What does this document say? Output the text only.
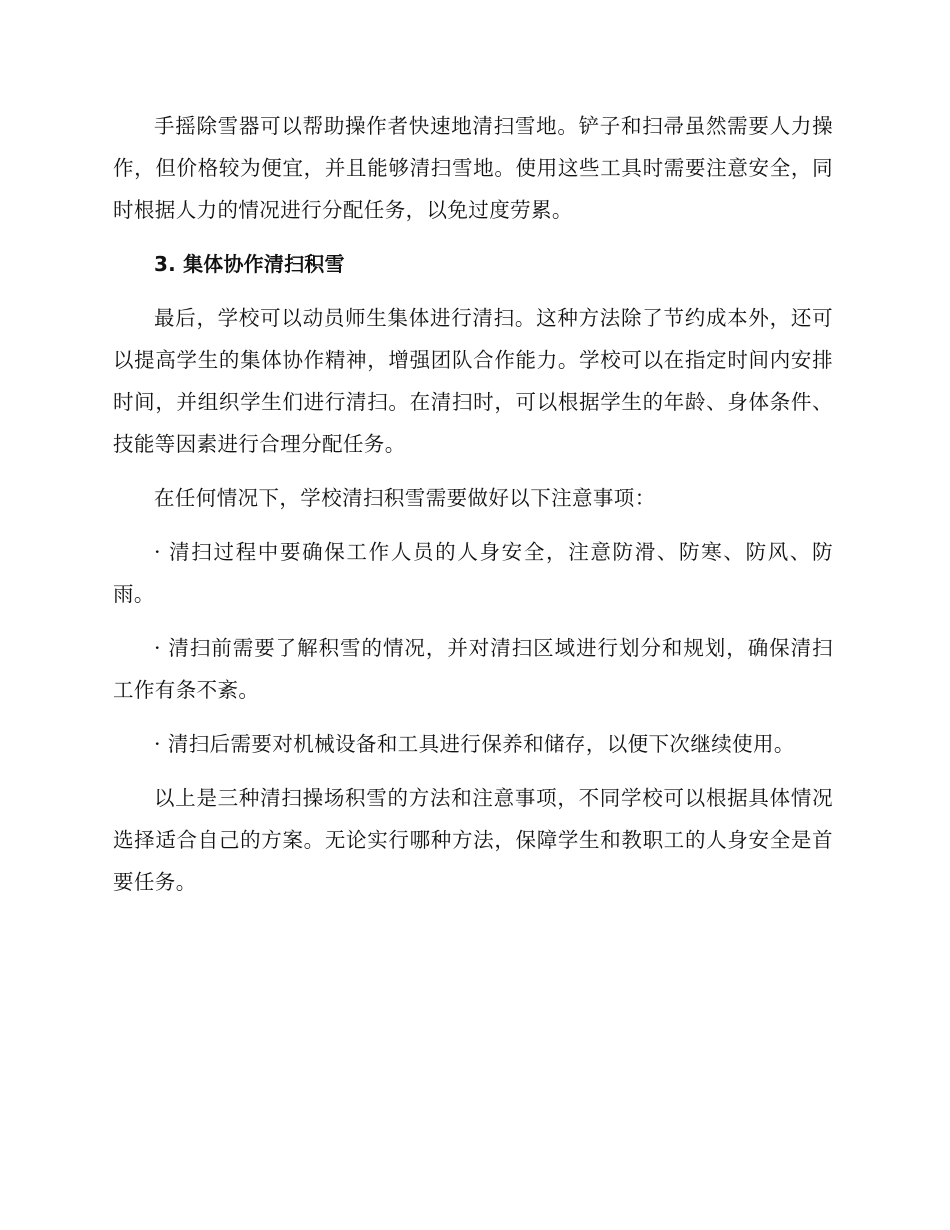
手摇除雪器可以帮助操作者快速地清扫雪地。铲子和扫帚虽然需要人力操作，但价格较为便宜，并且能够清扫雪地。使用这些工具时需要注意安全，同时根据人力的情况进行分配任务，以免过度劳累。

3. 集体协作清扫积雪

最后，学校可以动员师生集体进行清扫。这种方法除了节约成本外，还可以提高学生的集体协作精神，增强团队合作能力。学校可以在指定时间内安排时间，并组织学生们进行清扫。在清扫时，可以根据学生的年龄、身体条件、技能等因素进行合理分配任务。

在任何情况下，学校清扫积雪需要做好以下注意事项：

· 清扫过程中要确保工作人员的人身安全，注意防滑、防寒、防风、防雨。

· 清扫前需要了解积雪的情况，并对清扫区域进行划分和规划，确保清扫工作有条不紊。

· 清扫后需要对机械设备和工具进行保养和储存，以便下次继续使用。

以上是三种清扫操场积雪的方法和注意事项，不同学校可以根据具体情况选择适合自己的方案。无论实行哪种方法，保障学生和教职工的人身安全是首要任务。
